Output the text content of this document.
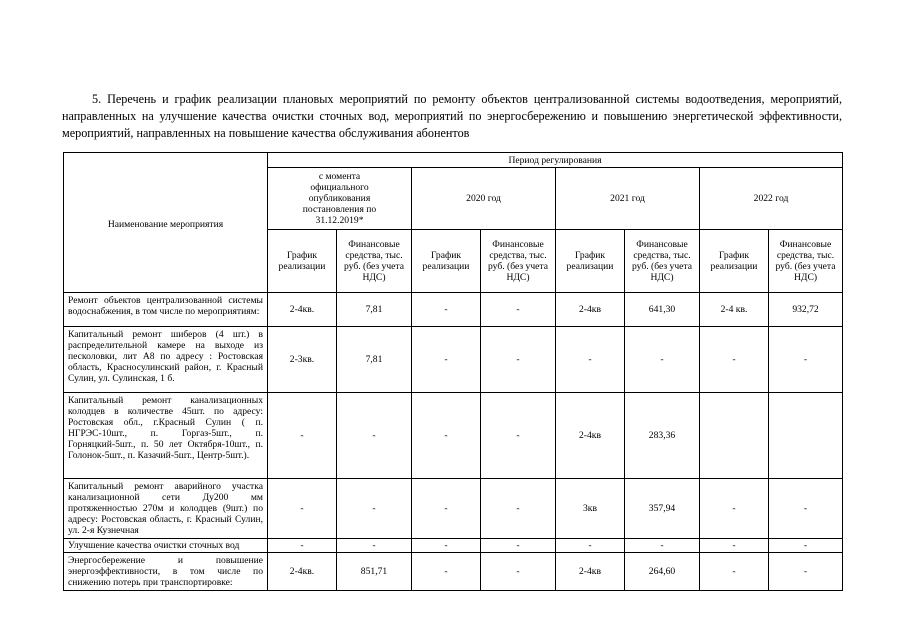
5. Перечень и график реализации плановых мероприятий по ремонту объектов централизованной системы водоотведения, мероприятий, направленных на улучшение качества очистки сточных вод, мероприятий по энергосбережению и повышению энергетической эффективности, мероприятий, направленных на повышение качества обслуживания абонентов

Наименование мероприятия	Период регулирования							
	с момента официального опубликования постановления по 31.12.2019*		2020 год		2021 год		2022 год	
	График реализации	Финансовые средства, тыс. руб. (без учета НДС)	График реализации	Финансовые средства, тыс. руб. (без учета НДС)	График реализации	Финансовые средства, тыс. руб. (без учета НДС)	График реализации	Финансовые средства, тыс. руб. (без учета НДС)
Ремонт объектов централизованной системы водоснабжения, в том числе по мероприятиям:	2-4кв.	7,81	-	-	2-4кв	641,30	2-4 кв.	932,72
Капитальный ремонт шиберов (4 шт.) в распределительной камере на выходе из песколовки, лит А8 по адресу : Ростовская область, Красносулинский район, г. Красный Сулин, ул. Сулинская, 1 б.	2-3кв.	7,81	-	-	-	-	-	-
Капитальный ремонт канализационных колодцев в количестве 45шт. по адресу: Ростовская обл., г.Красный Сулин ( п. НГРЭС-10шт., п. Горгаз-5шт., п. Горняцкий-5шт., п. 50 лет Октября-10шт., п. Голонок-5шт., п. Казачий-5шт., Центр-5шт.).	-	-	-	-	2-4кв	283,36		
Капитальный ремонт аварийного участка канализационной сети Ду200 мм протяженностью 270м и колодцев (9шт.) по адресу: Ростовская область, г. Красный Сулин, ул. 2-я Кузнечная	-	-	-	-	3кв	357,94	-	-
Улучшение качества очистки сточных вод	-	-	-	-	-	-	-	-
Энергосбережение и повышение энергоэффективности, в том числе по снижению потерь при транспортировке:	2-4кв.	851,71	-	-	2-4кв	264,60	-	-
